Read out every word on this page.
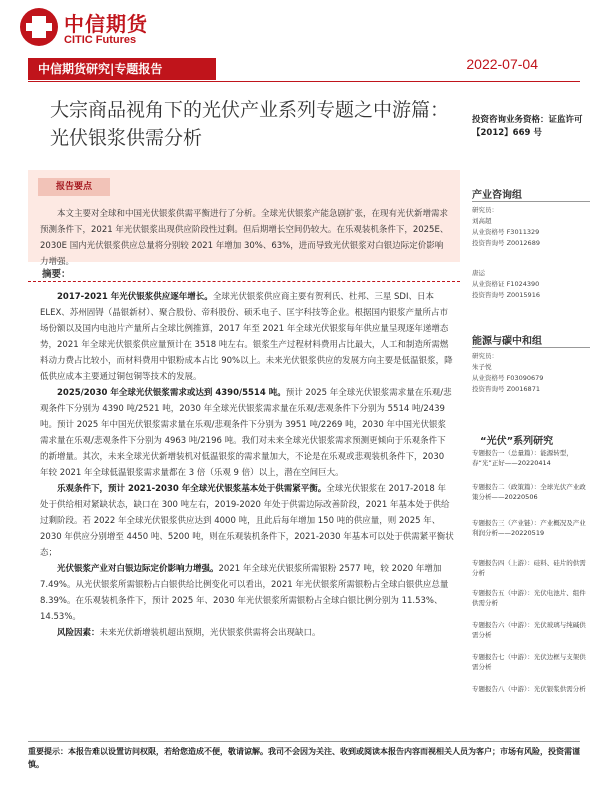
中信期货
CITIC Futures
中信期货研究|专题报告	2022-07-04
大宗商品视角下的光伏产业系列专题之中游篇：光伏银浆供需分析
投资咨询业务资格：证监许可【2012】669 号
报告要点
本文主要对全球和中国光伏银浆供需平衡进行了分析。全球光伏银浆产能急剧扩张，在现有光伏新增需求预测条件下，2021 年光伏银浆出现供应阶段性过剩。但后期增长空间仍较大。在乐观装机条件下，2025E、2030E 国内光伏银浆供应总量将分别较 2021 年增加 30%、63%，进而导致光伏银浆对白银边际定价影响力增强。
摘要：

2017-2021 年光伏银浆供应逐年增长。全球光伏银浆供应商主要有贺利氏、杜邦、三星 SDI、日本 ELEX、苏州固锝（晶银新材）、聚合股份、帝科股份、硕禾电子、匡宇科技等企业。根据国内银浆产量所占市场份额以及国内电池片产量所占全球比例推算，2017 年至 2021 年全球光伏银浆每年供应量呈现逐年递增态势，2021 年全球光伏银浆供应量预计在 3518 吨左右。银浆生产过程材料费用占比最大，人工和制造所需燃料动力费占比较小，而材料费用中银粉成本占比 90%以上。未来光伏银浆供应的发展方向主要是低温银浆，降低供应成本主要通过铜包铜等技术的发展。

2025/2030 年全球光伏银浆需求或达到 4390/5514 吨。预计 2025 年全球光伏银浆需求量在乐观/悲观条件下分别为 4390 吨/2521 吨，2030 年全球光伏银浆需求量在乐观/悲观条件下分别为 5514 吨/2439 吨。预计 2025 年中国光伏银浆需求量在乐观/悲观条件下分别为 3951 吨/2269 吨，2030 年中国光伏银浆需求量在乐观/悲观条件下分别为 4963 吨/2196 吨。我们对未来全球光伏银浆需求预测更倾向于乐观条件下的新增量。其次，未来全球光伏新增装机对低温银浆的需求量加大，不论是在乐观或悲观装机条件下，2030 年较 2021 年全球低温银浆需求量都在 3 倍（乐观 9 倍）以上，潜在空间巨大。

乐观条件下，预计 2021-2030 年全球光伏银浆基本处于供需紧平衡。全球光伏银浆在 2017-2018 年处于供给相对紧缺状态，缺口在 300 吨左右，2019-2020 年处于供需边际改善阶段，2021 年基本处于供给过剩阶段。若 2022 年全球光伏银浆供应达到 4000 吨，且此后每年增加 150 吨的供应量，则 2025 年、2030 年供应分别增至 4450 吨、5200 吨，则在乐观装机条件下，2021-2030 年基本可以处于供需紧平衡状态；

光伏银浆产业对白银边际定价影响力增强。2021 年全球光伏银浆所需银粉 2577 吨，较 2020 年增加 7.49%。从光伏银浆所需银粉占白银供给比例变化可以看出，2021 年光伏银浆所需银粉占全球白银供应总量 8.39%。在乐观装机条件下，预计 2025 年、2030 年光伏银浆所需银粉占全球白银比例分别为 11.53%、14.53%。

风险因素：未来光伏新增装机超出预期，光伏银浆供需将会出现缺口。

产业咨询组
研究员：
刘高超
从业资格号 F3011329
投资咨询号 Z0012689
唐运
从业资格证 F1024390
投资咨询号 Z0015916
能源与碳中和组
研究员：
朱子悦
从业资格号 F03090679
投资咨询号 Z0016871
“光伏”系列研究
专题报告一（总量篇）：能源转型，春“光”正好——20220414
专题报告二（政策篇）：全球光伏产业政策分析——20220506
专题报告三（产业链）：产业概况及产业利润分析——20220519
专题报告四（上游）：硅料、硅片的供需分析
专题报告五（中游）：光伏电池片、组件供需分析
专题报告六（中游）：光伏玻璃与纯碱供需分析
专题报告七（中游）：光伏边框与支架供需分析
专题报告八（中游）：光伏银浆供需分析
重要提示：本报告难以设置访问权限，若给您造成不便，敬请谅解。我司不会因为关注、收到或阅读本报告内容而视相关人员为客户；市场有风险，投资需谨慎。
